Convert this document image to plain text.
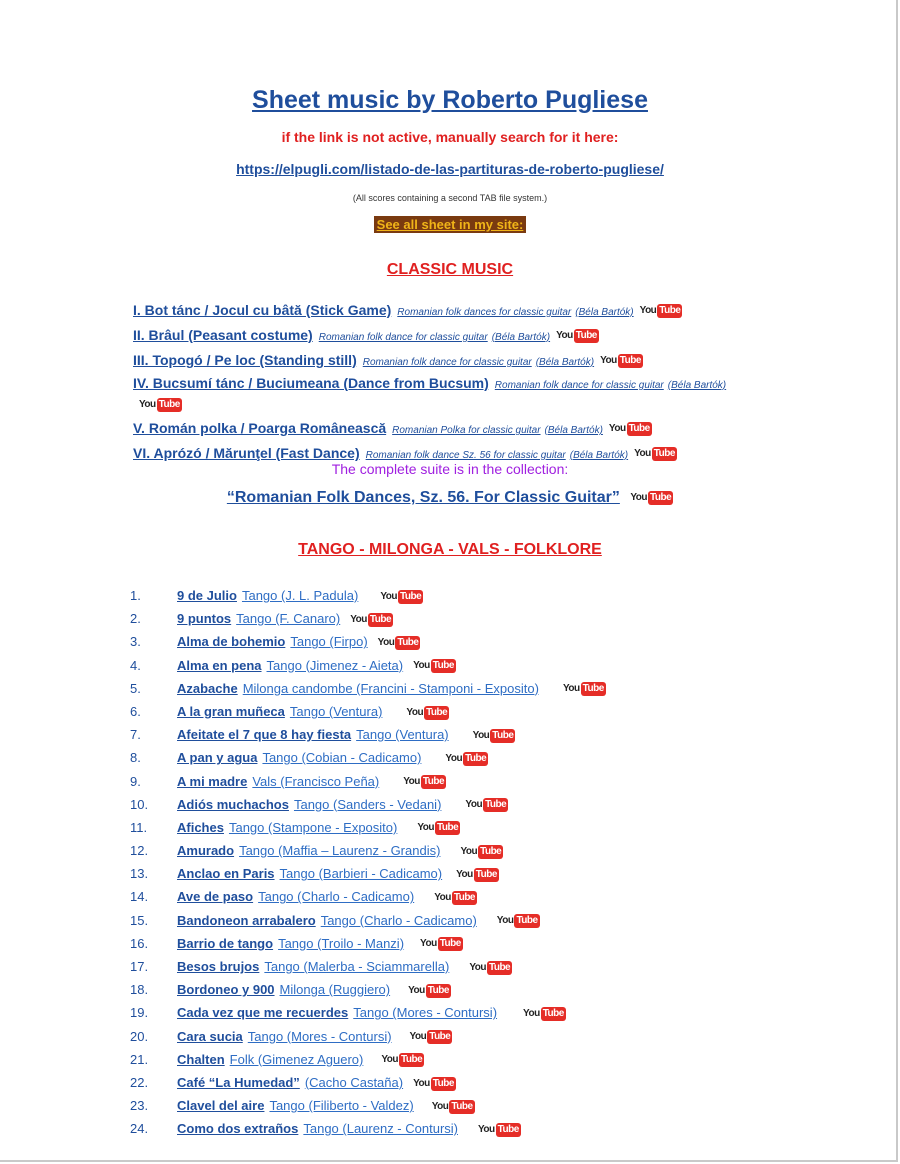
Sheet music by Roberto Pugliese
if the link is not active, manually search for it here:
https://elpugli.com/listado-de-las-partituras-de-roberto-pugliese/
(All scores containing a second TAB file system.)
See all sheet in my site:
CLASSIC MUSIC
I. Bot tánc / Jocul cu bâtă (Stick Game) Romanian folk dances for classic guitar (Béla Bartók) You Tube
II. Brâul (Peasant costume) Romanian folk dance for classic guitar (Béla Bartók) You Tube
III. Topogó / Pe loc (Standing still) Romanian folk dance for classic guitar (Béla Bartók) You Tube
IV. Bucsumí tánc / Buciumeana (Dance from Bucsum) Romanian folk dance for classic guitar (Béla Bartók)You Tube
V. Román polka / Poarga Românească Romanian Polka for classic guitar (Béla Bartók) You Tube
VI. Aprózó / Mărunţel (Fast Dance) Romanian folk dance Sz. 56 for classic guitar (Béla Bartók) You Tube
The complete suite is in the collection:
“Romanian Folk Dances, Sz. 56. For Classic Guitar” You Tube
TANGO - MILONGA - VALS - FOLKLORE
1.	9 de Julio Tango (J. L. Padula) You Tube
2.	9 puntos Tango (F. Canaro) You Tube
3.	Alma de bohemio Tango (Firpo) You Tube
4.	Alma en pena Tango (Jimenez - Aieta) You Tube
5.	Azabache Milonga candombe (Francini - Stamponi - Exposito) You Tube
6.	A la gran muñeca Tango (Ventura) You Tube
7.	Afeitate el 7 que 8 hay fiesta Tango (Ventura) You Tube
8.	A pan y agua Tango (Cobian - Cadicamo) You Tube
9.	A mi madre Vals (Francisco Peña) You Tube
10. Adiós muchachos Tango (Sanders - Vedani) You Tube
11. Afiches Tango (Stampone - Exposito) You Tube
12. Amurado Tango (Maffia – Laurenz - Grandis) You Tube
13. Anclao en Paris Tango (Barbieri - Cadicamo) You Tube
14. Ave de paso Tango (Charlo - Cadicamo) You Tube
15. Bandoneon arrabalero Tango (Charlo - Cadicamo) You Tube
16. Barrio de tango Tango (Troilo - Manzi) You Tube
17. Besos brujos Tango (Malerba - Sciammarella) You Tube
18. Bordoneo y 900 Milonga (Ruggiero) You Tube
19. Cada vez que me recuerdes Tango (Mores - Contursi)	You Tube
20. Cara sucia Tango (Mores - Contursi) You Tube
21. Chalten Folk (Gimenez Aguero) You Tube
22. Café “La Humedad” (Cacho Castaña) You Tube
23. Clavel del aire Tango (Filiberto - Valdez) You Tube
24. Como dos extraños Tango (Laurenz - Contursi) You Tube
